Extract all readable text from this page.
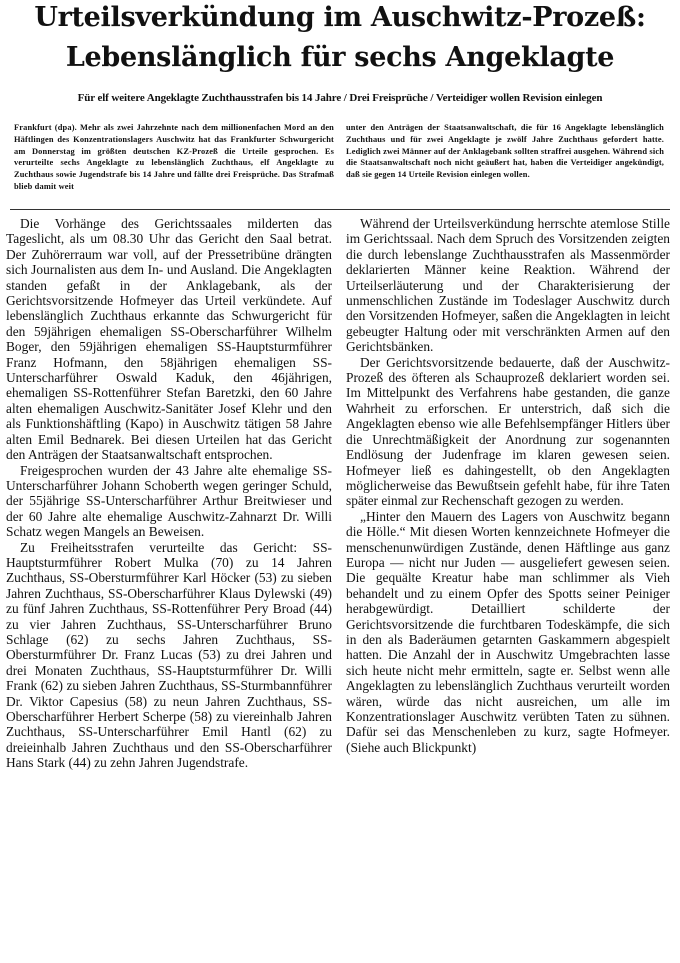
Urteilsverkündung im Auschwitz-Prozeß:
Lebenslänglich für sechs Angeklagte
Für elf weitere Angeklagte Zuchthausstrafen bis 14 Jahre / Drei Freisprüche / Verteidiger wollen Revision einlegen

Frankfurt (dpa). Mehr als zwei Jahrzehnte nach dem millionenfachen Mord an den Häftlingen des Konzentrationslagers Auschwitz hat das Frankfurter Schwurgericht am Donnerstag im größten deutschen KZ-Prozeß die Urteile gesprochen. Es verurteilte sechs Angeklagte zu lebenslänglich Zuchthaus, elf Angeklagte zu Zuchthaus sowie Jugendstrafe bis 14 Jahre und fällte drei Freisprüche. Das Strafmaß blieb damit weit

unter den Anträgen der Staatsanwaltschaft, die für 16 Angeklagte lebenslänglich Zuchthaus und für zwei Angeklagte je zwölf Jahre Zuchthaus gefordert hatte. Lediglich zwei Männer auf der Anklagebank sollten straffrei ausgehen. Während sich die Staatsanwaltschaft noch nicht geäußert hat, haben die Verteidiger angekündigt, daß sie gegen 14 Urteile Revision einlegen wollen.

Die Vorhänge des Gerichtssaales milderten das Tageslicht, als um 08.30 Uhr das Gericht den Saal betrat. Der Zuhörerraum war voll, auf der Pressetribüne drängten sich Journalisten aus dem In- und Ausland. Die Angeklagten standen gefaßt in der Anklagebank, als der Gerichtsvorsitzende Hofmeyer das Urteil verkündete. Auf lebenslänglich Zuchthaus erkannte das Schwurgericht für den 59jährigen ehemaligen SS-Oberscharführer Wilhelm Boger, den 59jährigen ehemaligen SS-Hauptsturmführer Franz Hofmann, den 58jährigen ehemaligen SS-Unterscharführer Oswald Kaduk, den 46jährigen, ehemaligen SS-Rottenführer Stefan Baretzki, den 60 Jahre alten ehemaligen Auschwitz-Sanitäter Josef Klehr und den als Funktionshäftling (Kapo) in Auschwitz tätigen 58 Jahre alten Emil Bednarek. Bei diesen Urteilen hat das Gericht den Anträgen der Staatsanwaltschaft entsprochen.

Freigesprochen wurden der 43 Jahre alte ehemalige SS-Unterscharführer Johann Schoberth wegen geringer Schuld, der 55jährige SS-Unterscharführer Arthur Breitwieser und der 60 Jahre alte ehemalige Auschwitz-Zahnarzt Dr. Willi Schatz wegen Mangels an Beweisen.

Zu Freiheitsstrafen verurteilte das Gericht: SS-Hauptsturmführer Robert Mulka (70) zu 14 Jahren Zuchthaus, SS-Obersturmführer Karl Höcker (53) zu sieben Jahren Zuchthaus, SS-Oberscharführer Klaus Dylewski (49) zu fünf Jahren Zuchthaus, SS-Rottenführer Pery Broad (44) zu vier Jahren Zuchthaus, SS-Unterscharführer Bruno Schlage (62) zu sechs Jahren Zuchthaus, SS-Obersturmführer Dr. Franz Lucas (53) zu drei Jahren und drei Monaten Zuchthaus, SS-Hauptsturmführer Dr. Willi Frank (62) zu sieben Jahren Zuchthaus, SS-Sturmbannführer Dr. Viktor Capesius (58) zu neun Jahren Zuchthaus, SS-Oberscharführer Herbert Scherpe (58) zu viereinhalb Jahren Zuchthaus, SS-Unterscharführer Emil Hantl (62) zu dreieinhalb Jahren Zuchthaus und den SS-Oberscharführer Hans Stark (44) zu zehn Jahren Jugendstrafe.

Während der Urteilsverkündung herrschte atemlose Stille im Gerichtssaal. Nach dem Spruch des Vorsitzenden zeigten die durch lebenslange Zuchthausstrafen als Massenmörder deklarierten Männer keine Reaktion. Während der Urteilserläuterung und der Charakterisierung der unmenschlichen Zustände im Todeslager Auschwitz durch den Vorsitzenden Hofmeyer, saßen die Angeklagten in leicht gebeugter Haltung oder mit verschränkten Armen auf den Gerichtsbänken.

Der Gerichtsvorsitzende bedauerte, daß der Auschwitz-Prozeß des öfteren als Schauprozeß deklariert worden sei. Im Mittelpunkt des Verfahrens habe gestanden, die ganze Wahrheit zu erforschen. Er unterstrich, daß sich die Angeklagten ebenso wie alle Befehlsempfänger Hitlers über die Unrechtmäßigkeit der Anordnung zur sogenannten Endlösung der Judenfrage im klaren gewesen seien. Hofmeyer ließ es dahingestellt, ob den Angeklagten möglicherweise das Bewußtsein gefehlt habe, für ihre Taten später einmal zur Rechenschaft gezogen zu werden.

„Hinter den Mauern des Lagers von Auschwitz begann die Hölle.“ Mit diesen Worten kennzeichnete Hofmeyer die menschenunwürdigen Zustände, denen Häftlinge aus ganz Europa — nicht nur Juden — ausgeliefert gewesen seien. Die gequälte Kreatur habe man schlimmer als Vieh behandelt und zu einem Opfer des Spotts seiner Peiniger herabgewürdigt. Detailliert schilderte der Gerichtsvorsitzende die furchtbaren Todeskämpfe, die sich in den als Baderäumen getarnten Gaskammern abgespielt hatten. Die Anzahl der in Auschwitz Umgebrachten lasse sich heute nicht mehr ermitteln, sagte er. Selbst wenn alle Angeklagten zu lebenslänglich Zuchthaus verurteilt worden wären, würde das nicht ausreichen, um alle im Konzentrationslager Auschwitz verübten Taten zu sühnen. Dafür sei das Menschenleben zu kurz, sagte Hofmeyer. (Siehe auch Blickpunkt)
